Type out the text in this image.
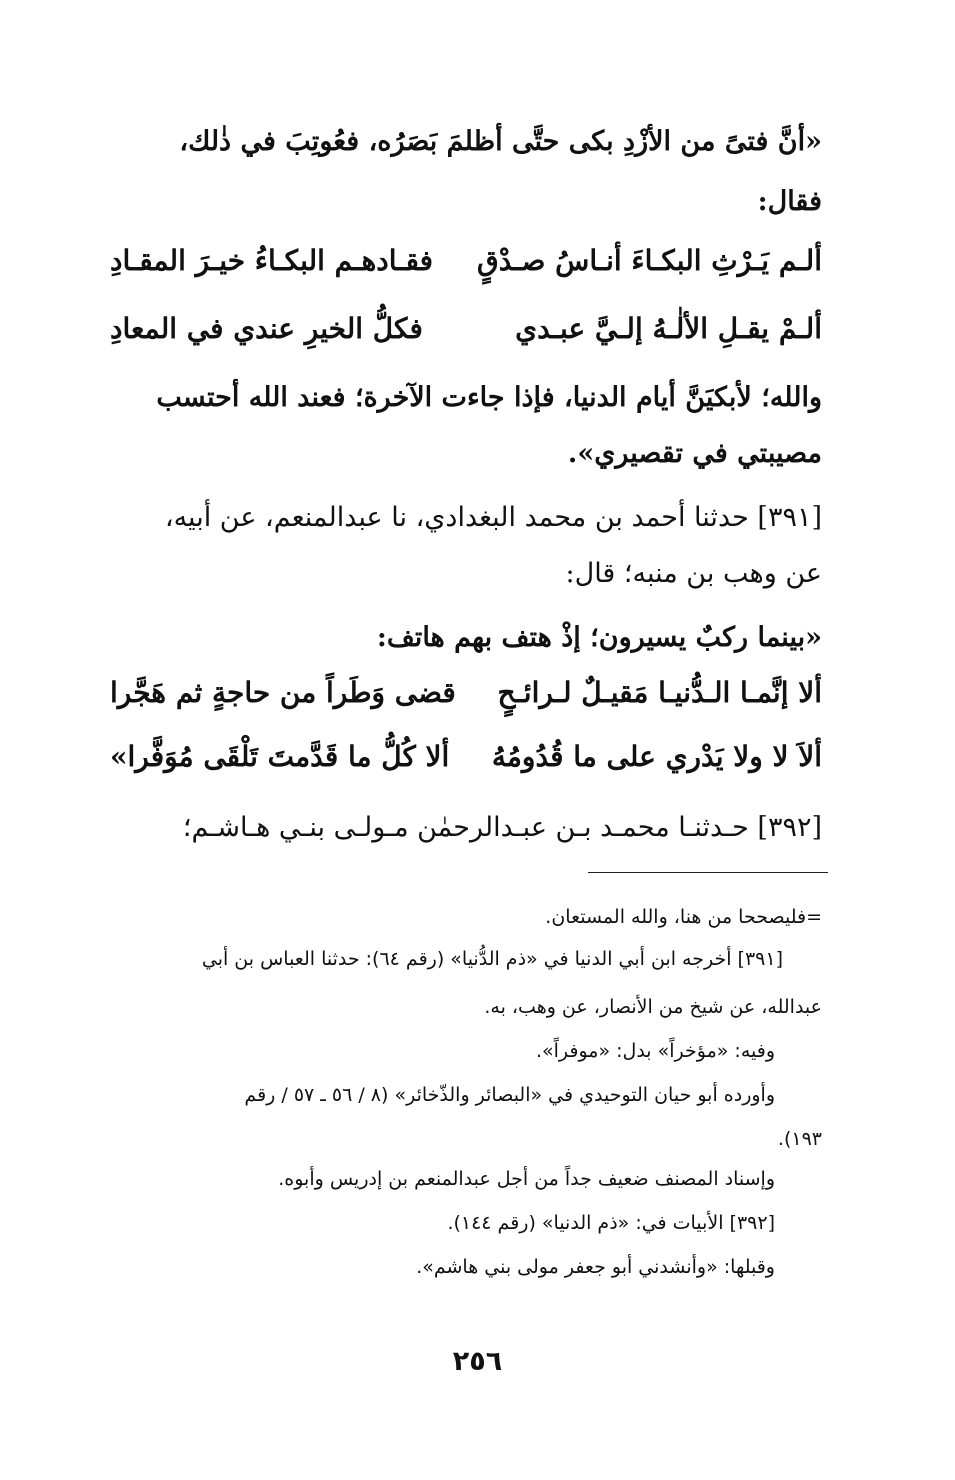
«أنَّ فتىً من الأزْدِ بكى حتَّى أظلمَ بَصَرُه، فعُوتِبَ في ذٰلك،
فقال:
ألـم يَـرْثِ البكـاءَ أنـاسُ صـدْقٍ
فقـادهـم البكـاءُ خيـرَ المقـادِ
ألـمْ يقـلِ الألٰـهُ إلـيَّ عبـدي
فكلُّ الخيرِ عندي في المعادِ
والله؛ لأبكيَنَّ أيام الدنيا، فإذا جاءت الآخرة؛ فعند الله أحتسب
مصيبتي في تقصيري».
[٣٩١] حدثنا أحمد بن محمد البغدادي، نا عبدالمنعم، عن أبيه،
عن وهب بن منبه؛ قال:
«بينما ركبٌ يسيرون؛ إذْ هتف بهم هاتف:
ألا إنَّمـا الـدُّنيـا مَقيـلٌ لـرائـحٍ
قضى وَطَراً من حاجةٍ ثم هَجَّرا
ألاَ لا ولا يَدْري على ما قُدُومُهُ
ألا كُلُّ ما قَدَّمتَ تَلْقَى مُوَفَّرا»
[٣٩٢] حـدثنـا محمـد بـن عبـدالرحمٰن مـولـى بنـي هـاشـم؛
=فليصححا من هنا، والله المستعان.
[٣٩١] أخرجه ابن أبي الدنيا في «ذم الدُّنيا» (رقم ٦٤): حدثنا العباس بن أبي
عبدالله، عن شيخ من الأنصار، عن وهب، به.
وفيه: «مؤخراً» بدل: «موفراً».
وأورده أبو حيان التوحيدي في «البصائر والذّخائر» (٨ / ٥٦ ـ ٥٧ / رقم
١٩٣).
وإسناد المصنف ضعيف جداً من أجل عبدالمنعم بن إدريس وأبوه.
[٣٩٢] الأبيات في: «ذم الدنيا» (رقم ١٤٤).
وقبلها: «وأنشدني أبو جعفر مولى بني هاشم».
٢٥٦
